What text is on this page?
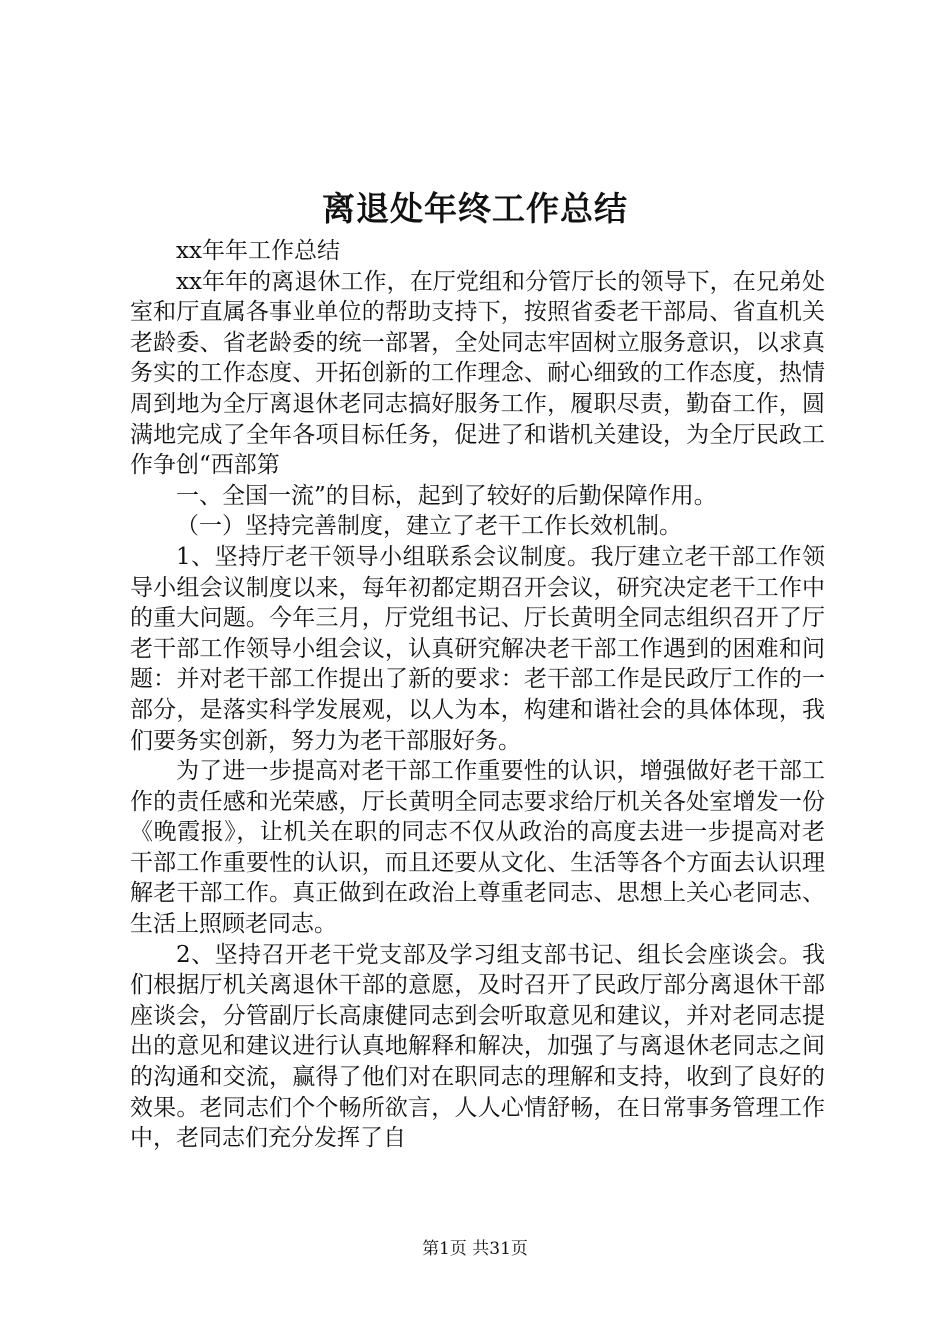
离退处年终工作总结

xx年年工作总结

xx年年的离退休工作，在厅党组和分管厅长的领导下，在兄弟处室和厅直属各事业单位的帮助支持下，按照省委老干部局、省直机关老龄委、省老龄委的统一部署，全处同志牢固树立服务意识，以求真务实的工作态度、开拓创新的工作理念、耐心细致的工作态度，热情周到地为全厅离退休老同志搞好服务工作，履职尽责，勤奋工作，圆满地完成了全年各项目标任务，促进了和谐机关建设，为全厅民政工作争创“西部第

一、全国一流”的目标，起到了较好的后勤保障作用。

（一）坚持完善制度，建立了老干工作长效机制。

1、坚持厅老干领导小组联系会议制度。我厅建立老干部工作领导小组会议制度以来，每年初都定期召开会议，研究决定老干工作中的重大问题。今年三月，厅党组书记、厅长黄明全同志组织召开了厅老干部工作领导小组会议，认真研究解决老干部工作遇到的困难和问题：并对老干部工作提出了新的要求：老干部工作是民政厅工作的一部分，是落实科学发展观，以人为本，构建和谐社会的具体体现，我们要务实创新，努力为老干部服好务。

为了进一步提高对老干部工作重要性的认识，增强做好老干部工作的责任感和光荣感，厅长黄明全同志要求给厅机关各处室增发一份《晚霞报》，让机关在职的同志不仅从政治的高度去进一步提高对老干部工作重要性的认识，而且还要从文化、生活等各个方面去认识理解老干部工作。真正做到在政治上尊重老同志、思想上关心老同志、生活上照顾老同志。

2、坚持召开老干党支部及学习组支部书记、组长会座谈会。我们根据厅机关离退休干部的意愿，及时召开了民政厅部分离退休干部座谈会，分管副厅长高康健同志到会听取意见和建议，并对老同志提出的意见和建议进行认真地解释和解决，加强了与离退休老同志之间的沟通和交流，赢得了他们对在职同志的理解和支持，收到了良好的效果。老同志们个个畅所欲言，人人心情舒畅，在日常事务管理工作中，老同志们充分发挥了自

第1页 共31页
